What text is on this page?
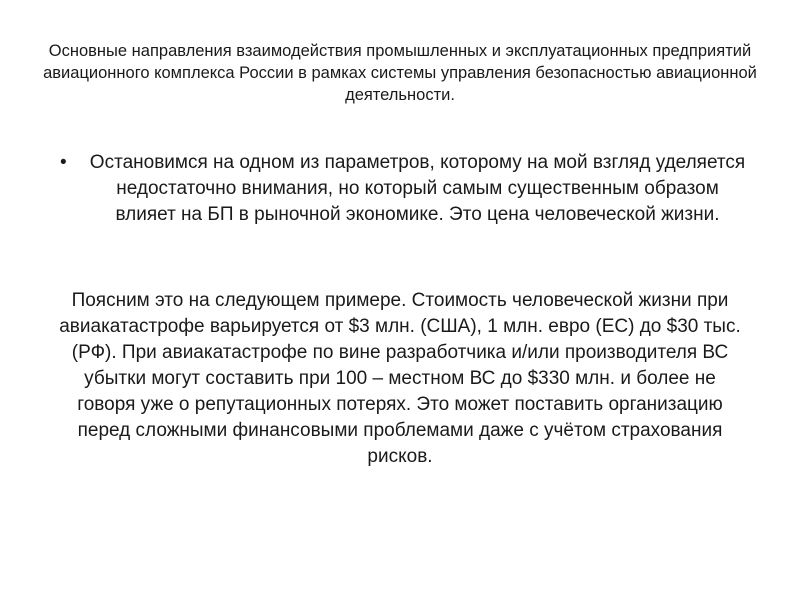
Основные направления взаимодействия промышленных и эксплуатационных предприятий авиационного комплекса России в рамках системы управления безопасностью авиационной деятельности.
• Остановимся на одном из параметров, которому на мой взгляд уделяется недостаточно внимания, но который самым существенным образом влияет на БП в рыночной экономике. Это цена человеческой жизни.
Поясним это на следующем примере. Стоимость человеческой жизни при авиакатастрофе варьируется от $3 млн. (США), 1 млн. евро (ЕС) до $30 тыс. (РФ). При авиакатастрофе по вине разработчика и/или производителя ВС убытки могут составить при 100 – местном ВС до $330 млн. и более не говоря уже о репутационных потерях. Это может поставить организацию перед сложными финансовыми проблемами даже с учётом страхования рисков.
